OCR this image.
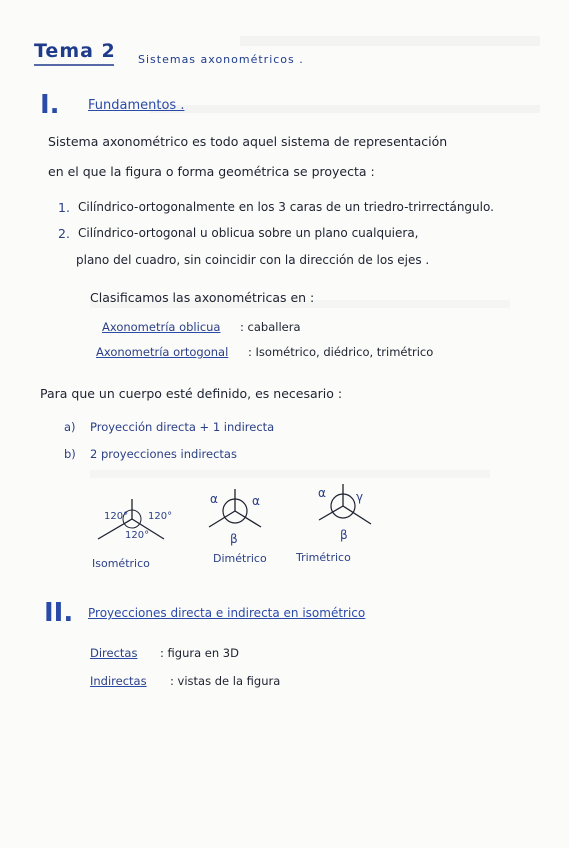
Tema 2 Sistemas axonométricos .
I. Fundamentos .
Sistema axonométrico es todo aquel sistema de representación
en el que la figura o forma geométrica se proyecta :
1. Cilíndrico-ortogonalmente en los 3 caras de un triedro-trirrectángulo.
2. Cilíndrico-ortogonal u oblicua sobre un plano cualquiera,
plano del cuadro, sin coincidir con la dirección de los ejes .
Clasificamos las axonométricas en :
Axonometría oblicua : caballera
Axonometría ortogonal : Isométrico, diédrico, trimétrico
Para que un cuerpo esté definido, es necesario :
a) Proyección directa + 1 indirecta
b) 2 proyecciones indirectas
120° 120°
120°
Isométrico
α	α
β
Dimétrico
α	γ
β
Trimétrico
II. Proyecciones directa e indirecta en isométrico
Directas : figura en 3D
Indirectas : vistas de la figura
